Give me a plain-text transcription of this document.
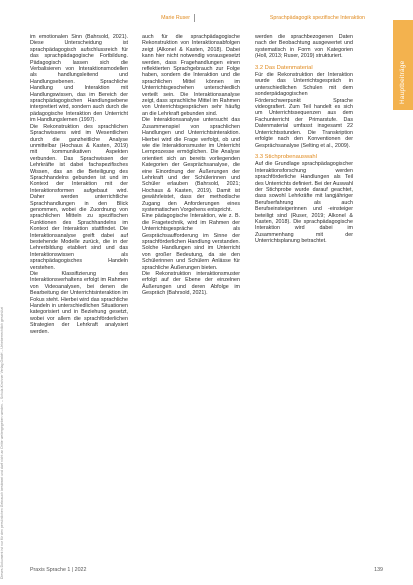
Dieses Dokument ist nur für den persönlichen Gebrauch bestimmt und darf nicht an Dritte weitergegeben werden. – Schulz-Kirchner Verlag GmbH – Urheberrechtlich geschützt
Marie Ruser	Sprachpädagogik spezifische Interaktion
Hauptbeiträge

im emotionalen Sinn (Bahrsold, 2021). Diese Unterscheidung ist sprachpädagogisch aufschlussreich für das sprachpädagogische Fortbildung. Pädagogisch lassen sich die Verbalisieren von Interaktionsmodellen als handlungsleitend und Handlungsebenen. Sprachliche Handlung und Interaktion mit Handlungswissen, das im Bereich der sprachpädagogischen Handlungsebene interpretiert wird, sondern auch durch die pädagogische Interaktion den Unterricht im Handlungslernen (1997).

Die Rekonstruktion des sprachlichen Sprachwissens wird im Wesentlichen durch die ganzheitliche Analyse unmittelbar (Hochaus & Kasten, 2019) mit kommunikativen Aspekten verbunden. Das Sprachwissen der Lehrkräfte ist dabei fachspezifisches Wissen, das an die Beteiligung des Sprachhandelns gebunden ist und im Kontext der Interaktion mit der Interaktionsformen aufgebaut wird. Daher werden unterrichtliche Sprachhandlungen in den Blick genommen, wobei die Zuordnung von sprachlichen Mitteln zu spezifischen Funktionen des Sprachhandelns im Kontext der Interaktion stattfindet. Die Interaktionsanalyse greift dabei auf bestehende Modelle zurück, die in der Lehrerbildung etabliert sind und das Interaktionswissen als sprachpädagogisches Handeln verstehen.

Die Klassifizierung des Interaktionsverhaltens erfolgt im Rahmen von Videoanalysen, bei denen die Bearbeitung der Unterrichtsinteraktion im Fokus steht. Hierbei wird das sprachliche Handeln in unterschiedlichen Situationen kategorisiert und in Beziehung gesetzt, wobei vor allem die sprachförderlichen Strategien der Lehrkraft analysiert werden.

auch für die sprachpädagogische Rekonstruktion von Interaktionsabfolgen zeigt (Alkonel & Kasten, 2018). Dabei kann hier nicht notwendig vorausgesetzt werden, dass Fragehandlungen einen reflektierten Sprachgebrauch zur Folge haben, sondern die Interaktion und die sprachlichen Mittel können im Unterrichtsgeschehen unterschiedlich verteilt sein. Die Interaktionsanalyse zeigt, dass sprachliche Mittel im Rahmen von Unterrichtsgesprächen sehr häufig an die Lehrkraft gebunden sind.

Die Interaktionsanalyse untersucht das Zusammenspiel von sprachlichen Handlungen und Unterrichtsinteraktion. Hierbei wird die Frage verfolgt, ob und wie die Interaktionsmuster im Unterricht Lernprozesse ermöglichen. Die Analyse orientiert sich an bereits vorliegenden Kategorien der Gesprächsanalyse, die eine Einordnung der Äußerungen der Lehrkraft und der Schülerinnen und Schüler erlauben (Bahrsold, 2021; Hochaus & Kasten, 2019). Damit ist gewährleistet, dass der methodische Zugang den Anforderungen eines systematischen Vorgehens entspricht.

Eine pädagogische Interaktion, wie z. B. die Fragetechnik, wird im Rahmen der Unterrichtsgespräche als Gesprächsaufforderung im Sinne der sprachförderlichen Handlung verstanden. Solche Handlungen sind im Unterricht von großer Bedeutung, da sie den Schülerinnen und Schülern Anlässe für sprachliche Äußerungen bieten.

Die Rekonstruktion interaktionsmuster erfolgt auf der Ebene der einzelnen Äußerungen und deren Abfolge im Gespräch (Bahrsold, 2021).

werden die sprachbezogenen Daten nach der Beobachtung ausgewertet und systematisch in Form von Kategorien (Holl, 2013; Ruser, 2019) strukturiert.

3.2 Das Datenmaterial

Für die Rekonstruktion der Interaktion wurde das Unterrichtsgespräch in unterschiedlichen Schulen mit dem sonderpädagogischen Förderschwerpunkt Sprache videografiert. Zum Teil handelt es sich um Unterrichtssequenzen aus dem Fachunterricht der Primarstufe. Das Datenmaterial umfasst insgesamt 22 Unterrichtsstunden. Die Transkription erfolgte nach den Konventionen der Gesprächsanalyse (Selting et al., 2009).

3.3 Stichprobenauswahl

Auf die Grundlage sprachpädagogischer Interaktionsforschung werden sprachförderliche Handlungen als Teil des Unterrichts definiert. Bei der Auswahl der Stichprobe wurde darauf geachtet, dass sowohl Lehrkräfte mit langjähriger Berufserfahrung als auch Berufseinsteigerinnen und -einsteiger beteiligt sind (Ruser, 2019; Alkonel & Kasten, 2018). Die sprachpädagogische Interaktion wird dabei im Zusammenhang mit der Unterrichtsplanung betrachtet.

Praxis Sprache 1 | 2022	139
